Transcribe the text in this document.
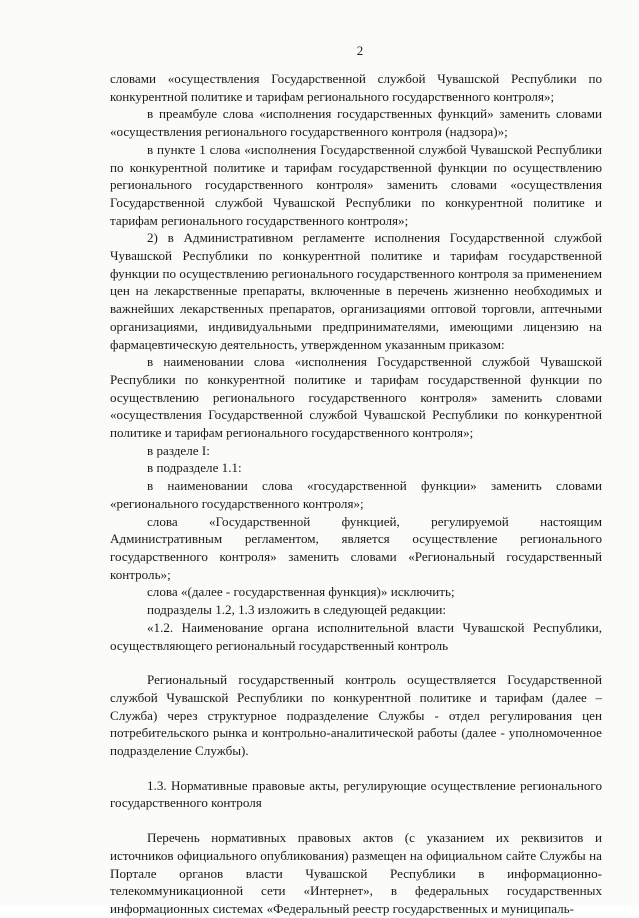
2

словами «осуществления Государственной службой Чувашской Республики по конкурентной политике и тарифам регионального государственного контроля»;

в преамбуле слова «исполнения государственных функций» заменить словами «осуществления регионального государственного контроля (надзора)»;

в пункте 1 слова «исполнения Государственной службой Чувашской Республики по конкурентной политике и тарифам государственной функции по осуществлению регионального государственного контроля» заменить словами «осуществления Государственной службой Чувашской Республики по конкурентной политике и тарифам регионального государственного контроля»;

2) в Административном регламенте исполнения Государственной службой Чувашской Республики по конкурентной политике и тарифам государственной функции по осуществлению регионального государственного контроля за применением цен на лекарственные препараты, включенные в перечень жизненно необходимых и важнейших лекарственных препаратов, организациями оптовой торговли, аптечными организациями, индивидуальными предпринимателями, имеющими лицензию на фармацевтическую деятельность, утвержденном указанным приказом:

в наименовании слова «исполнения Государственной службой Чувашской Республики по конкурентной политике и тарифам государственной функции по осуществлению регионального государственного контроля» заменить словами «осуществления Государственной службой Чувашской Республики по конкурентной политике и тарифам регионального государственного контроля»;

в разделе I:

в подразделе 1.1:

в наименовании слова «государственной функции» заменить словами «регионального государственного контроля»;

слова «Государственной функцией, регулируемой настоящим Административным регламентом, является осуществление регионального государственного контроля» заменить словами «Региональный государственный контроль»;

слова «(далее - государственная функция)» исключить;

подразделы 1.2, 1.3 изложить в следующей редакции:

«1.2. Наименование органа исполнительной власти Чувашской Республики, осуществляющего региональный государственный контроль

Региональный государственный контроль осуществляется Государственной службой Чувашской Республики по конкурентной политике и тарифам (далее – Служба) через структурное подразделение Службы - отдел регулирования цен потребительского рынка и контрольно-аналитической работы (далее - уполномоченное подразделение Службы).

1.3. Нормативные правовые акты, регулирующие осуществление регионального государственного контроля

Перечень нормативных правовых актов (с указанием их реквизитов и источников официального опубликования) размещен на официальном сайте Службы на Портале органов власти Чувашской Республики в информационно-телекоммуникационной сети «Интернет», в федеральных государственных информационных системах «Федеральный реестр государственных и муниципаль-
